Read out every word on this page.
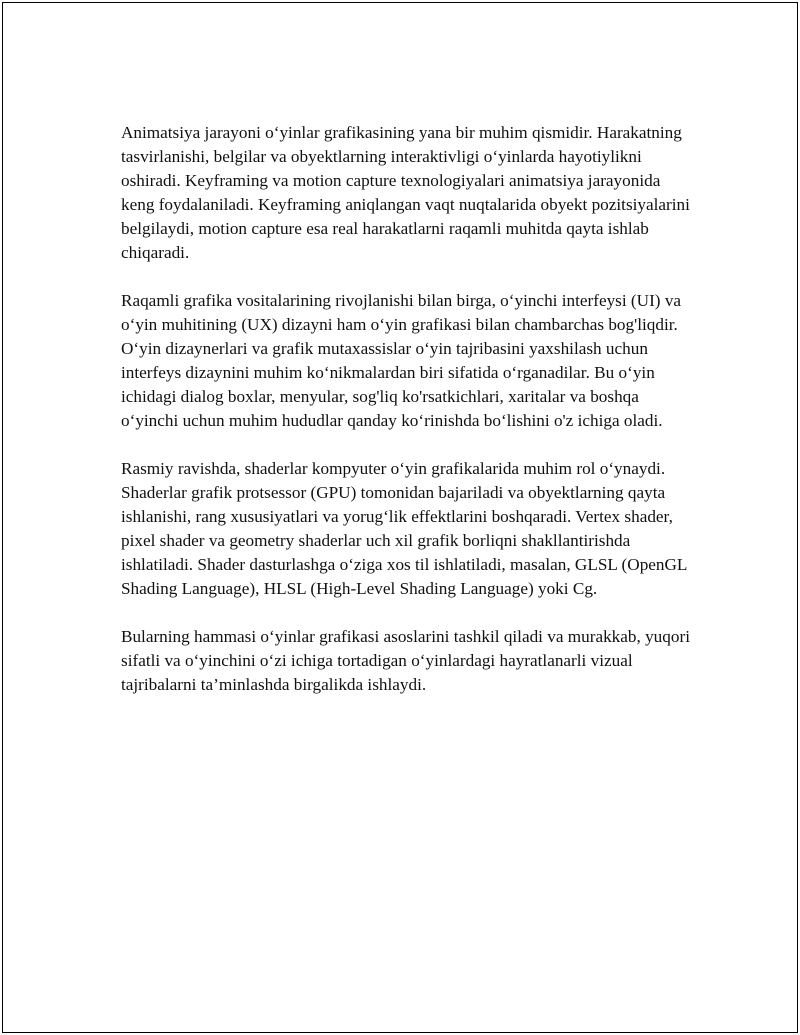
Animatsiya jarayoni o‘yinlar grafikasining yana bir muhim qismidir. Harakatning tasvirlanishi, belgilar va obyektlarning interaktivligi o‘yinlarda hayotiylikni oshiradi. Keyframing va motion capture texnologiyalari animatsiya jarayonida keng foydalaniladi. Keyframing aniqlangan vaqt nuqtalarida obyekt pozitsiyalarini belgilaydi, motion capture esa real harakatlarni raqamli muhitda qayta ishlab chiqaradi.

Raqamli grafika vositalarining rivojlanishi bilan birga, o‘yinchi interfeysi (UI) va o‘yin muhitining (UX) dizayni ham o‘yin grafikasi bilan chambarchas bog'liqdir. O‘yin dizaynerlari va grafik mutaxassislar o‘yin tajribasini yaxshilash uchun interfeys dizaynini muhim ko‘nikmalardan biri sifatida o‘rganadilar. Bu o‘yin ichidagi dialog boxlar, menyular, sog'liq ko'rsatkichlari, xaritalar va boshqa o‘yinchi uchun muhim hududlar qanday ko‘rinishda bo‘lishini o'z ichiga oladi.

Rasmiy ravishda, shaderlar kompyuter o‘yin grafikalarida muhim rol o‘ynaydi. Shaderlar grafik protsessor (GPU) tomonidan bajariladi va obyektlarning qayta ishlanishi, rang xususiyatlari va yorug‘lik effektlarini boshqaradi. Vertex shader, pixel shader va geometry shaderlar uch xil grafik borliqni shakllantirishda ishlatiladi. Shader dasturlashga o‘ziga xos til ishlatiladi, masalan, GLSL (OpenGL Shading Language), HLSL (High-Level Shading Language) yoki Cg.

Bularning hammasi o‘yinlar grafikasi asoslarini tashkil qiladi va murakkab, yuqori sifatli va o‘yinchini o‘zi ichiga tortadigan o‘yinlardagi hayratlanarli vizual tajribalarni ta’minlashda birgalikda ishlaydi.
